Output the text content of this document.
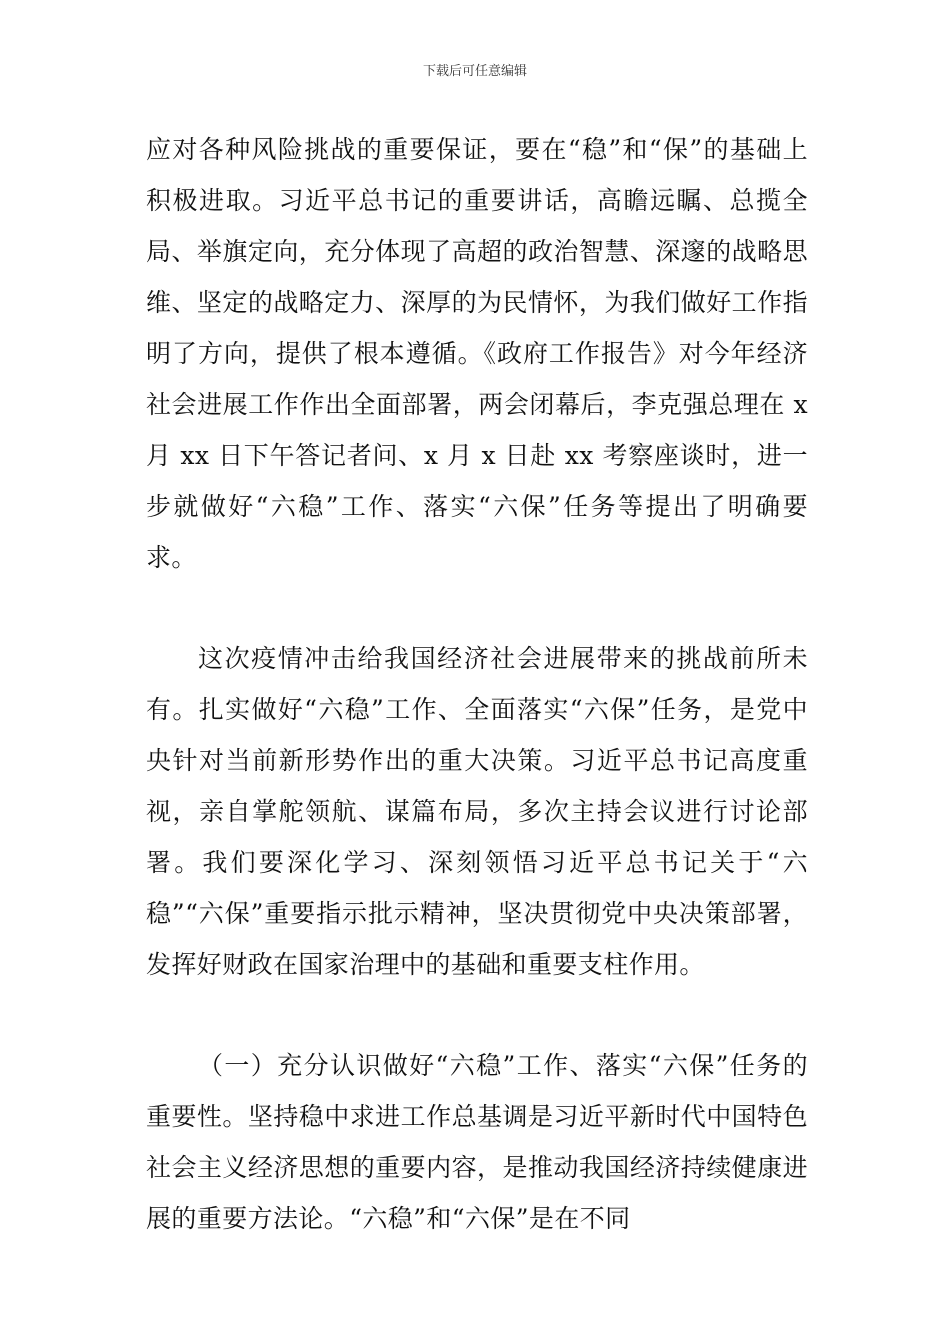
下载后可任意编辑

应对各种风险挑战的重要保证，要在“稳”和“保”的基础上积极进取。习近平总书记的重要讲话，高瞻远瞩、总揽全局、举旗定向，充分体现了高超的政治智慧、深邃的战略思维、坚定的战略定力、深厚的为民情怀，为我们做好工作指明了方向，提供了根本遵循。《政府工作报告》对今年经济社会进展工作作出全面部署，两会闭幕后，李克强总理在 x 月 xx 日下午答记者问、x 月 x 日赴 xx 考察座谈时，进一步就做好“六稳”工作、落实“六保”任务等提出了明确要求。

这次疫情冲击给我国经济社会进展带来的挑战前所未有。扎实做好“六稳”工作、全面落实“六保”任务，是党中央针对当前新形势作出的重大决策。习近平总书记高度重视，亲自掌舵领航、谋篇布局，多次主持会议进行讨论部署。我们要深化学习、深刻领悟习近平总书记关于“六稳”“六保”重要指示批示精神，坚决贯彻党中央决策部署，发挥好财政在国家治理中的基础和重要支柱作用。

（一）充分认识做好“六稳”工作、落实“六保”任务的重要性。坚持稳中求进工作总基调是习近平新时代中国特色社会主义经济思想的重要内容，是推动我国经济持续健康进展的重要方法论。“六稳”和“六保”是在不同
